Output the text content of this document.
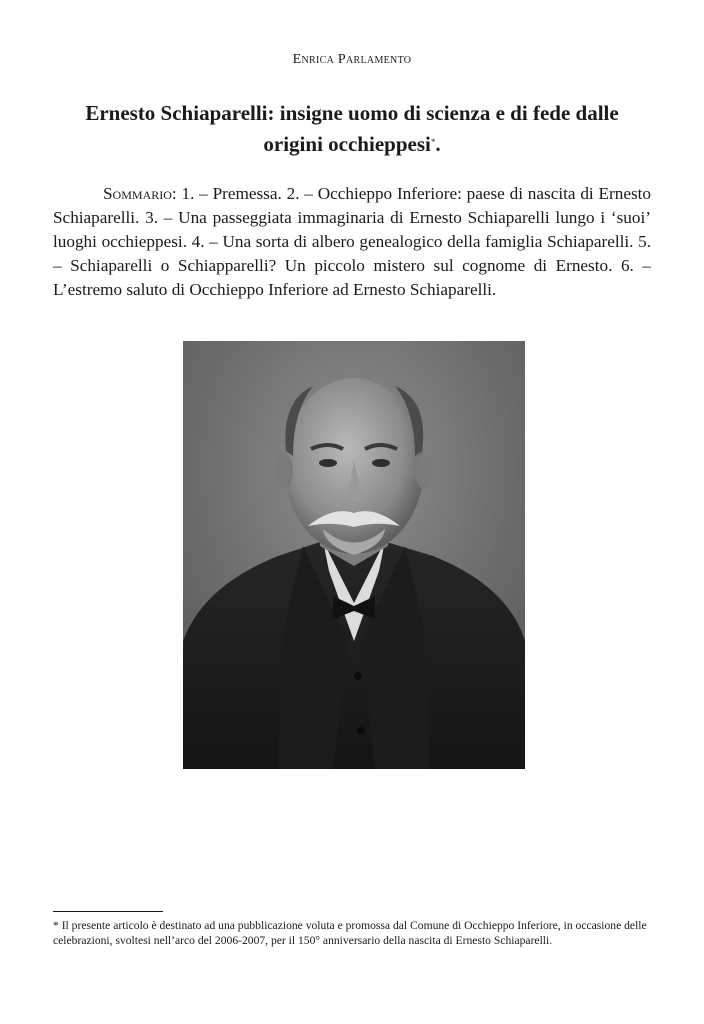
Enrica Parlamento
Ernesto Schiaparelli: insigne uomo di scienza e di fede dalle origini occhieppesi*.
Sommario: 1. – Premessa. 2. – Occhieppo Inferiore: paese di nascita di Ernesto Schiaparelli. 3. – Una passeggiata immaginaria di Ernesto Schiaparelli lungo i ‘suoi’ luoghi occhieppesi. 4. – Una sorta di albero genealogico della famiglia Schiaparelli. 5. – Schiaparelli o Schiapparelli? Un piccolo mistero sul cognome di Ernesto. 6. – L’estremo saluto di Occhieppo Inferiore ad Ernesto Schiaparelli.
* Il presente articolo è destinato ad una pubblicazione voluta e promossa dal Comune di Occhieppo Inferiore, in occasione delle celebrazioni, svoltesi nell’arco del 2006-2007, per il 150° anniversario della nascita di Ernesto Schiaparelli.
